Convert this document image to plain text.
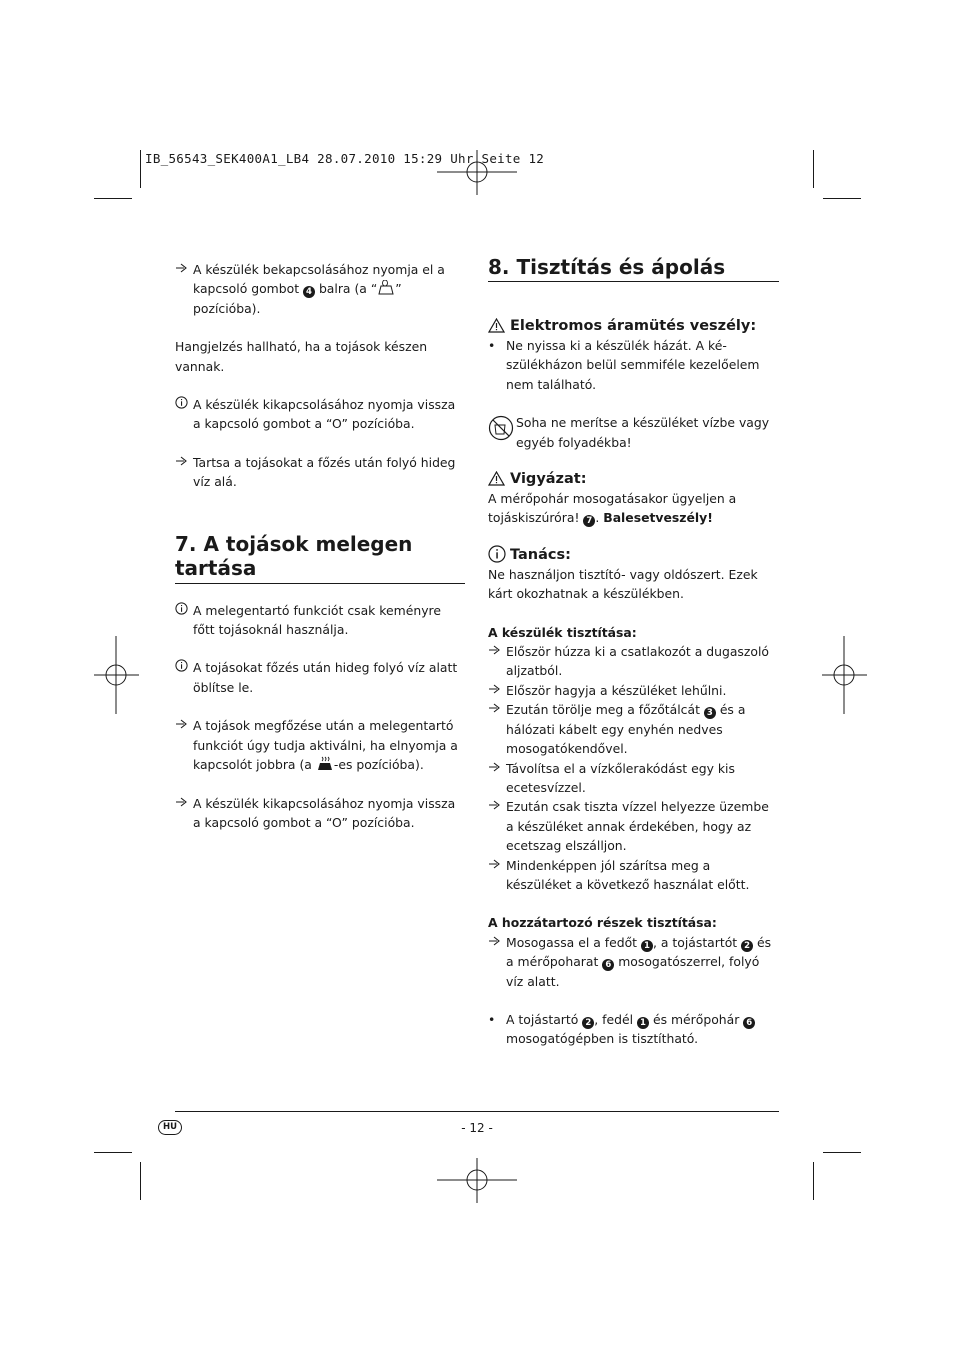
IB_56543_SEK400A1_LB4 28.07.2010 15:29 Uhr Seite 12
A készülék bekapcsolásához nyomja el a kapcsoló gombot 4 balra (a “ ” pozícióba).

Hangjelzés hallható, ha a tojások készen vannak.

A készülék kikapcsolásához nyomja vissza a kapcsoló gombot a “O” pozícióba.
Tartsa a tojásokat a főzés után folyó hideg víz alá.
7. A tojások melegen tartása
A melegentartó funkciót csak keményre főtt tojásoknál használja.
A tojásokat főzés után hideg folyó víz alatt öblítse le.
A tojások megfőzése után a melegentartó funkciót úgy tudja aktiválni, ha elnyomja a kapcsolót jobbra (a -es pozícióba).
A készülék kikapcsolásához nyomja vissza a kapcsoló gombot a “O” pozícióba.
8. Tisztítás és ápolás

Elektromos áramütés veszély:

• Ne nyissa ki a készülék házát. A ké-szülékházon belül semmiféle kezelőelem nem található.
Soha ne merítse a készüléket vízbe vagy egyéb folyadékba!

Vigyázat:

A mérőpohár mosogatásakor ügyeljen a tojáskiszúróra! 7 . Balesetveszély!

Tanács:

Ne használjon tisztító- vagy oldószert. Ezek kárt okozhatnak a készülékben.

A készülék tisztítása:

Először húzza ki a csatlakozót a dugaszoló aljzatból.
Először hagyja a készüléket lehűlni.
Ezután törölje meg a főzőtálcát 3 és a hálózati kábelt egy enyhén nedves mosogatókendővel.
Távolítsa el a vízkőlerakódást egy kis ecetesvízzel.
Ezután csak tiszta vízzel helyezze üzembe a készüléket annak érdekében, hogy az ecetszag elszálljon.
Mindenképpen jól szárítsa meg a készüléket a következő használat előtt.

A hozzátartozó részek tisztítása:

Mosogassa el a fedőt 1 , a tojástartót 2 és a mérőpoharat 6 mosogatószerrel, folyó víz alatt.
• A tojástartó 2 , fedél 1 és mérőpohár 6 mosogatógépben is tisztítható.
HU	- 12 -
